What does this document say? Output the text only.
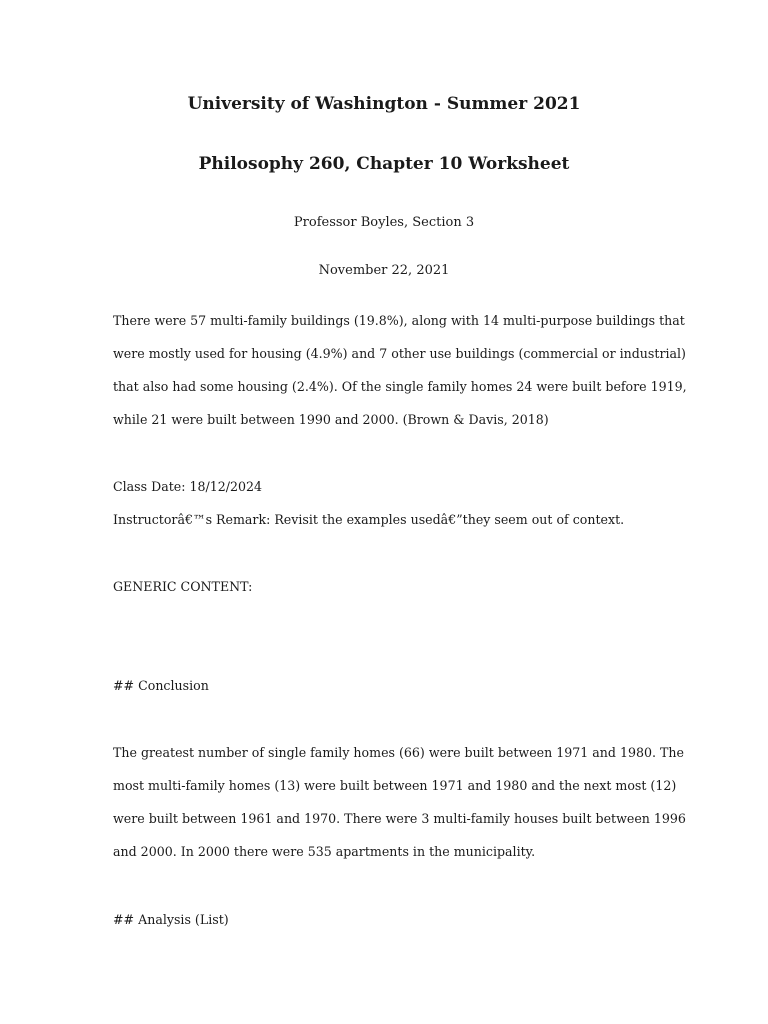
University of Washington - Summer 2021
Philosophy 260, Chapter 10 Worksheet
Professor Boyles, Section 3
November 22, 2021
There were 57 multi-family buildings (19.8%), along with 14 multi-purpose buildings that
were mostly used for housing (4.9%) and 7 other use buildings (commercial or industrial)
that also had some housing (2.4%). Of the single family homes 24 were built before 1919,
while 21 were built between 1990 and 2000. (Brown & Davis, 2018)
Class Date: 18/12/2024
Instructorâ€™s Remark: Revisit the examples usedâ€”they seem out of context.
GENERIC CONTENT:
## Conclusion
The greatest number of single family homes (66) were built between 1971 and 1980. The
most multi-family homes (13) were built between 1971 and 1980 and the next most (12)
were built between 1961 and 1970. There were 3 multi-family houses built between 1996
and 2000. In 2000 there were 535 apartments in the municipality.
## Analysis (List)
